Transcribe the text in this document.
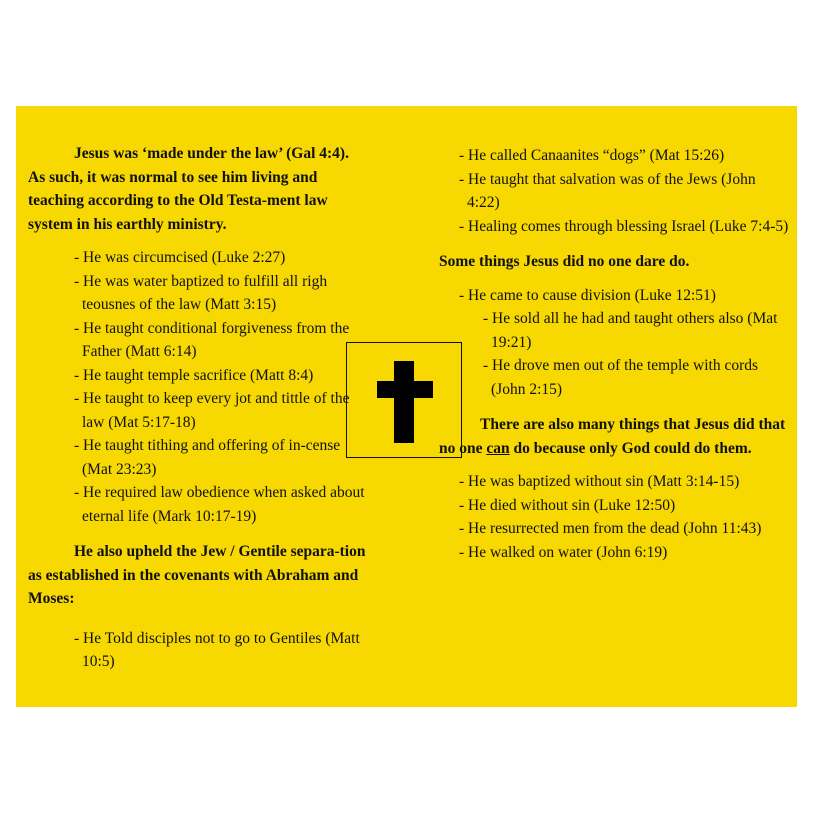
Jesus was ‘made under the law’ (Gal 4:4). As such, it was normal to see him living and teaching according to the Old Testa-ment law system in his earthly ministry.

- He was circumcised (Luke 2:27)
- He was water baptized to fulfill all righ teousnes of the law (Matt 3:15)
- He taught conditional forgiveness from the Father (Matt 6:14)
- He taught temple sacrifice (Matt 8:4)
- He taught to keep every jot and tittle of the law (Mat 5:17-18)
- He taught tithing and offering of in-cense (Mat 23:23)
- He required law obedience when asked about eternal life (Mark 10:17-19)

He also upheld the Jew / Gentile separa-tion as established in the covenants with Abraham and Moses:

- He Told disciples not to go to Gentiles (Matt 10:5)
- He called Canaanites “dogs” (Mat 15:26)
- He taught that salvation was of the Jews (John 4:22)
- Healing comes through blessing Israel (Luke 7:4-5)

Some things Jesus did no one dare do.

- He came to cause division (Luke 12:51)
- He sold all he had and taught others also (Mat 19:21)
- He drove men out of the temple with cords (John 2:15)

There are also many things that Jesus did that no one can do because only God could do them.

- He was baptized without sin (Matt 3:14-15)
- He died without sin (Luke 12:50)
- He resurrected men from the dead (John 11:43)
- He walked on water (John 6:19)
